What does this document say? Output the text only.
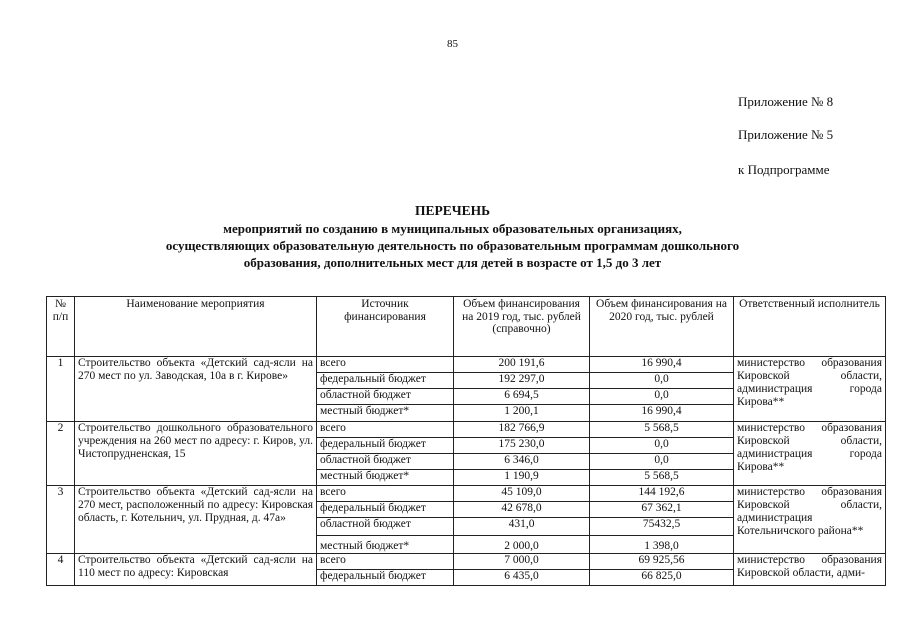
85
Приложение № 8
Приложение № 5
к Подпрограмме
ПЕРЕЧЕНЬ
мероприятий по созданию в муниципальных образовательных организациях,
осуществляющих образовательную деятельность по образовательным программам дошкольного
образования, дополнительных мест для детей в возрасте от 1,5 до 3 лет
№ п/п	Наименование мероприятия	Источник финансирования	Объем финансирования на 2019 год, тыс. рублей (справочно)	Объем финансирования на 2020 год, тыс. рублей	Ответственный исполнитель
1	Строительство объекта «Детский сад-ясли на 270 мест по ул. Заводская, 10а в г. Кирове»	всего	200 191,6	16 990,4	министерство образования Кировской области, администрация города Кирова**
		федеральный бюджет	192 297,0	0,0	
		областной бюджет	6 694,5	0,0	
		местный бюджет*	1 200,1	16 990,4	
2	Строительство дошкольного образовательного учреждения на 260 мест по адресу: г. Киров, ул. Чистопрудненская, 15	всего	182 766,9	5 568,5	министерство образования Кировской области, администрация города Кирова**
		федеральный бюджет	175 230,0	0,0	
		областной бюджет	6 346,0	0,0	
		местный бюджет*	1 190,9	5 568,5	
3	Строительство объекта «Детский сад-ясли на 270 мест, расположенный по адресу: Кировская область, г. Котельнич, ул. Прудная, д. 47а»	всего	45 109,0	144 192,6	министерство образования Кировской области, администрация Котельничского района**
		федеральный бюджет	42 678,0	67 362,1	
		областной бюджет	431,0	75432,5	
		местный бюджет*	2 000,0	1 398,0	
4	Строительство объекта «Детский сад-ясли на 110 мест по адресу: Кировская	всего	7 000,0	69 925,56	министерство образования Кировской области, адми-
		федеральный бюджет	6 435,0	66 825,0	
